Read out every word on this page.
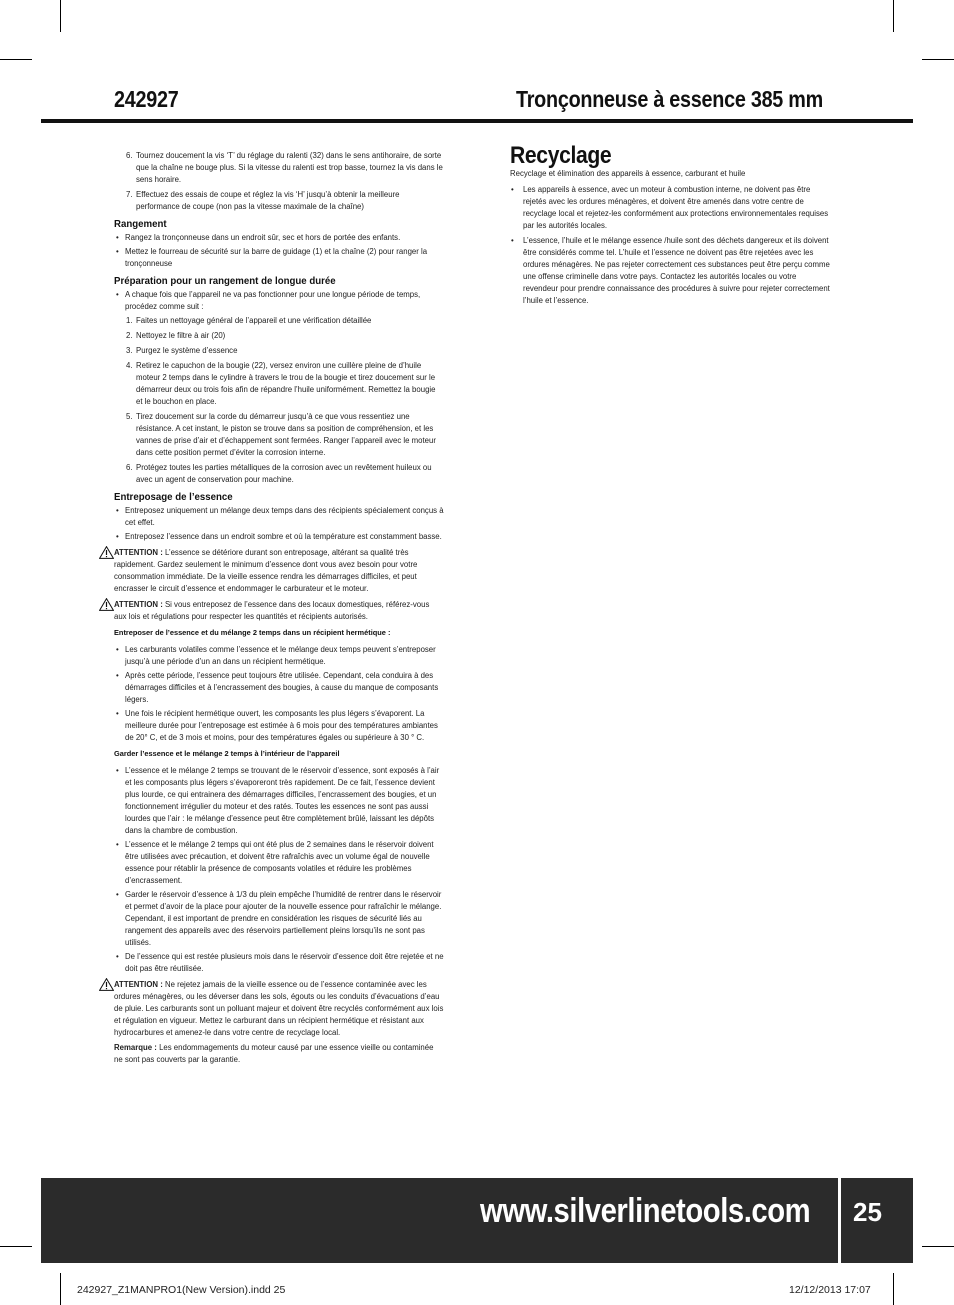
242927	Tronçonneuse à essence 385 mm
6. Tournez doucement la vis ‘T’ du réglage du ralenti (32) dans le sens antihoraire, de sorte que la chaîne ne bouge plus. Si la vitesse du ralenti est trop basse, tournez la vis dans le sens horaire.
7. Effectuez des essais de coupe et réglez la vis ‘H’ jusqu’à obtenir la meilleure performance de coupe (non pas la vitesse maximale de la chaîne)
Rangement
• Rangez la tronçonneuse dans un endroit sûr, sec et hors de portée des enfants.
• Mettez le fourreau de sécurité sur la barre de guidage (1) et la chaîne (2) pour ranger la tronçonneuse
Préparation pour un rangement de longue durée
• A chaque fois que l’appareil ne va pas fonctionner pour une longue période de temps, procédez comme suit :
1. Faites un nettoyage général de l’appareil et une vérification détaillée
2. Nettoyez le filtre à air (20)
3. Purgez le système d’essence
4. Retirez le capuchon de la bougie (22), versez environ une cuillère pleine de d’huile moteur 2 temps dans le cylindre à travers le trou de la bougie et tirez doucement sur le démarreur deux ou trois fois afin de répandre l’huile uniformément. Remettez la bougie et le bouchon en place.
5. Tirez doucement sur la corde du démarreur jusqu’à ce que vous ressentiez une résistance. A cet instant, le piston se trouve dans sa position de compréhension, et les vannes de prise d’air et d’échappement sont fermées. Ranger l’appareil avec le moteur dans cette position permet d’éviter la corrosion interne.
6. Protégez toutes les parties métalliques de la corrosion avec un revêtement huileux ou avec un agent de conservation pour machine.
Entreposage de l’essence
• Entreposez uniquement un mélange deux temps dans des récipients spécialement conçus à cet effet.
• Entreposez l’essence dans un endroit sombre et où la température est constamment basse.
ATTENTION : L’essence se détériore durant son entreposage, altérant sa qualité très rapidement. Gardez seulement le minimum d’essence dont vous avez besoin pour votre consommation immédiate. De la vieille essence rendra les démarrages difficiles, et peut encrasser le circuit d’essence et endommager le carburateur et le moteur.
ATTENTION : Si vous entreposez de l’essence dans des locaux domestiques, référez-vous aux lois et régulations pour respecter les quantités et récipients autorisés.
Entreposer de l’essence et du mélange 2 temps dans un récipient hermétique :
• Les carburants volatiles comme l’essence et le mélange deux temps peuvent s’entreposer jusqu’à une période d’un an dans un récipient hermétique.
• Après cette période, l’essence peut toujours être utilisée. Cependant, cela conduira à des démarrages difficiles et à l’encrassement des bougies, à cause du manque de composants légers.
• Une fois le récipient hermétique ouvert, les composants les plus légers s’évaporent. La meilleure durée pour l’entreposage est estimée à 6 mois pour des températures ambiantes de 20° C, et de 3 mois et moins, pour des températures égales ou supérieure à 30 ° C.
Garder l’essence et le mélange 2 temps à l’intérieur de l’appareil
• L’essence et le mélange 2 temps se trouvant de le réservoir d’essence, sont exposés à l’air et les composants plus légers s’évaporeront très rapidement. De ce fait, l’essence devient plus lourde, ce qui entrainera des démarrages difficiles, l’encrassement des bougies, et un fonctionnement irrégulier du moteur et des ratés. Toutes les essences ne sont pas aussi lourdes que l’air : le mélange d’essence peut être complètement brûlé, laissant les dépôts dans la chambre de combustion.
• L’essence et le mélange 2 temps qui ont été plus de 2 semaines dans le réservoir doivent être utilisées avec précaution, et doivent être rafraîchis avec un volume égal de nouvelle essence pour rétablir la présence de composants volatiles et réduire les problèmes d’encrassement.
• Garder le réservoir d’essence à 1/3 du plein empêche l’humidité de rentrer dans le réservoir et permet d’avoir de la place pour ajouter de la nouvelle essence pour rafraîchir le mélange. Cependant, il est important de prendre en considération les risques de sécurité liés au rangement des appareils avec des réservoirs partiellement pleins lorsqu’ils ne sont pas utilisés.
• De l’essence qui est restée plusieurs mois dans le réservoir d’essence doit être rejetée et ne doit pas être réutilisée.
ATTENTION : Ne rejetez jamais de la vieille essence ou de l’essence contaminée avec les ordures ménagères, ou les déverser dans les sols, égouts ou les conduits d’évacuations d’eau de pluie. Les carburants sont un polluant majeur et doivent être recyclés conformément aux lois et régulation en vigueur. Mettez le carburant dans un récipient hermétique et résistant aux hydrocarbures et amenez-le dans votre centre de recyclage local.
Remarque : Les endommagements du moteur causé par une essence vieille ou contaminée ne sont pas couverts par la garantie.
Recyclage
Recyclage et élimination des appareils à essence, carburant et huile
• Les appareils à essence, avec un moteur à combustion interne, ne doivent pas être rejetés avec les ordures ménagères, et doivent être amenés dans votre centre de recyclage local et rejetez-les conformément aux protections environnementales requises par les autorités locales.
• L’essence, l’huile et le mélange essence /huile sont des déchets dangereux et ils doivent être considérés comme tel. L’huile et l’essence ne doivent pas être rejetées avec les ordures ménagères. Ne pas rejeter correctement ces substances peut être perçu comme une offense criminelle dans votre pays. Contactez les autorités locales ou votre revendeur pour prendre connaissance des procédures à suivre pour rejeter correctement l’huile et l’essence.
www.silverlinetools.com 25
242927_Z1MANPRO1(New Version).indd 25	12/12/2013 17:07
